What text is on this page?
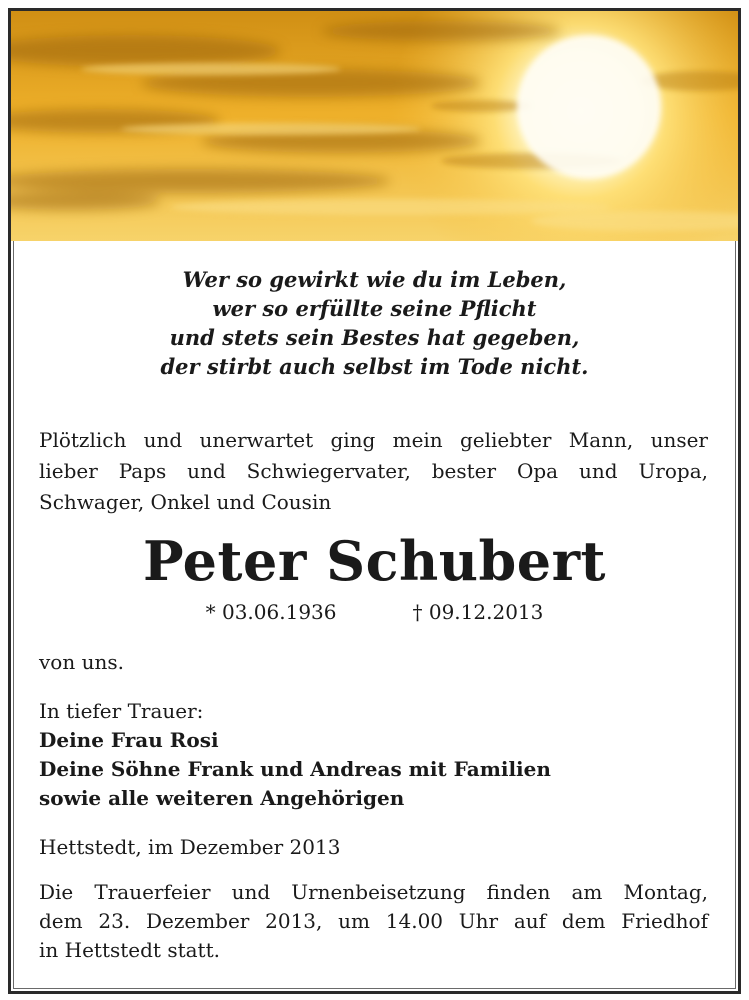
Wer so gewirkt wie du im Leben,
wer so erfüllte seine Pflicht
und stets sein Bestes hat gegeben,
der stirbt auch selbst im Tode nicht.
Plötzlich und unerwartet ging mein geliebter Mann, unser
lieber Paps und Schwiegervater, bester Opa und Uropa,
Schwager, Onkel und Cousin
Peter Schubert
* 03.06.1936	† 09.12.2013
von uns.
In tiefer Trauer:
Deine Frau Rosi
Deine Söhne Frank und Andreas mit Familien
sowie alle weiteren Angehörigen
Hettstedt, im Dezember 2013
Die Trauerfeier und Urnenbeisetzung finden am Montag,
dem 23. Dezember 2013, um 14.00 Uhr auf dem Friedhof
in Hettstedt statt.
